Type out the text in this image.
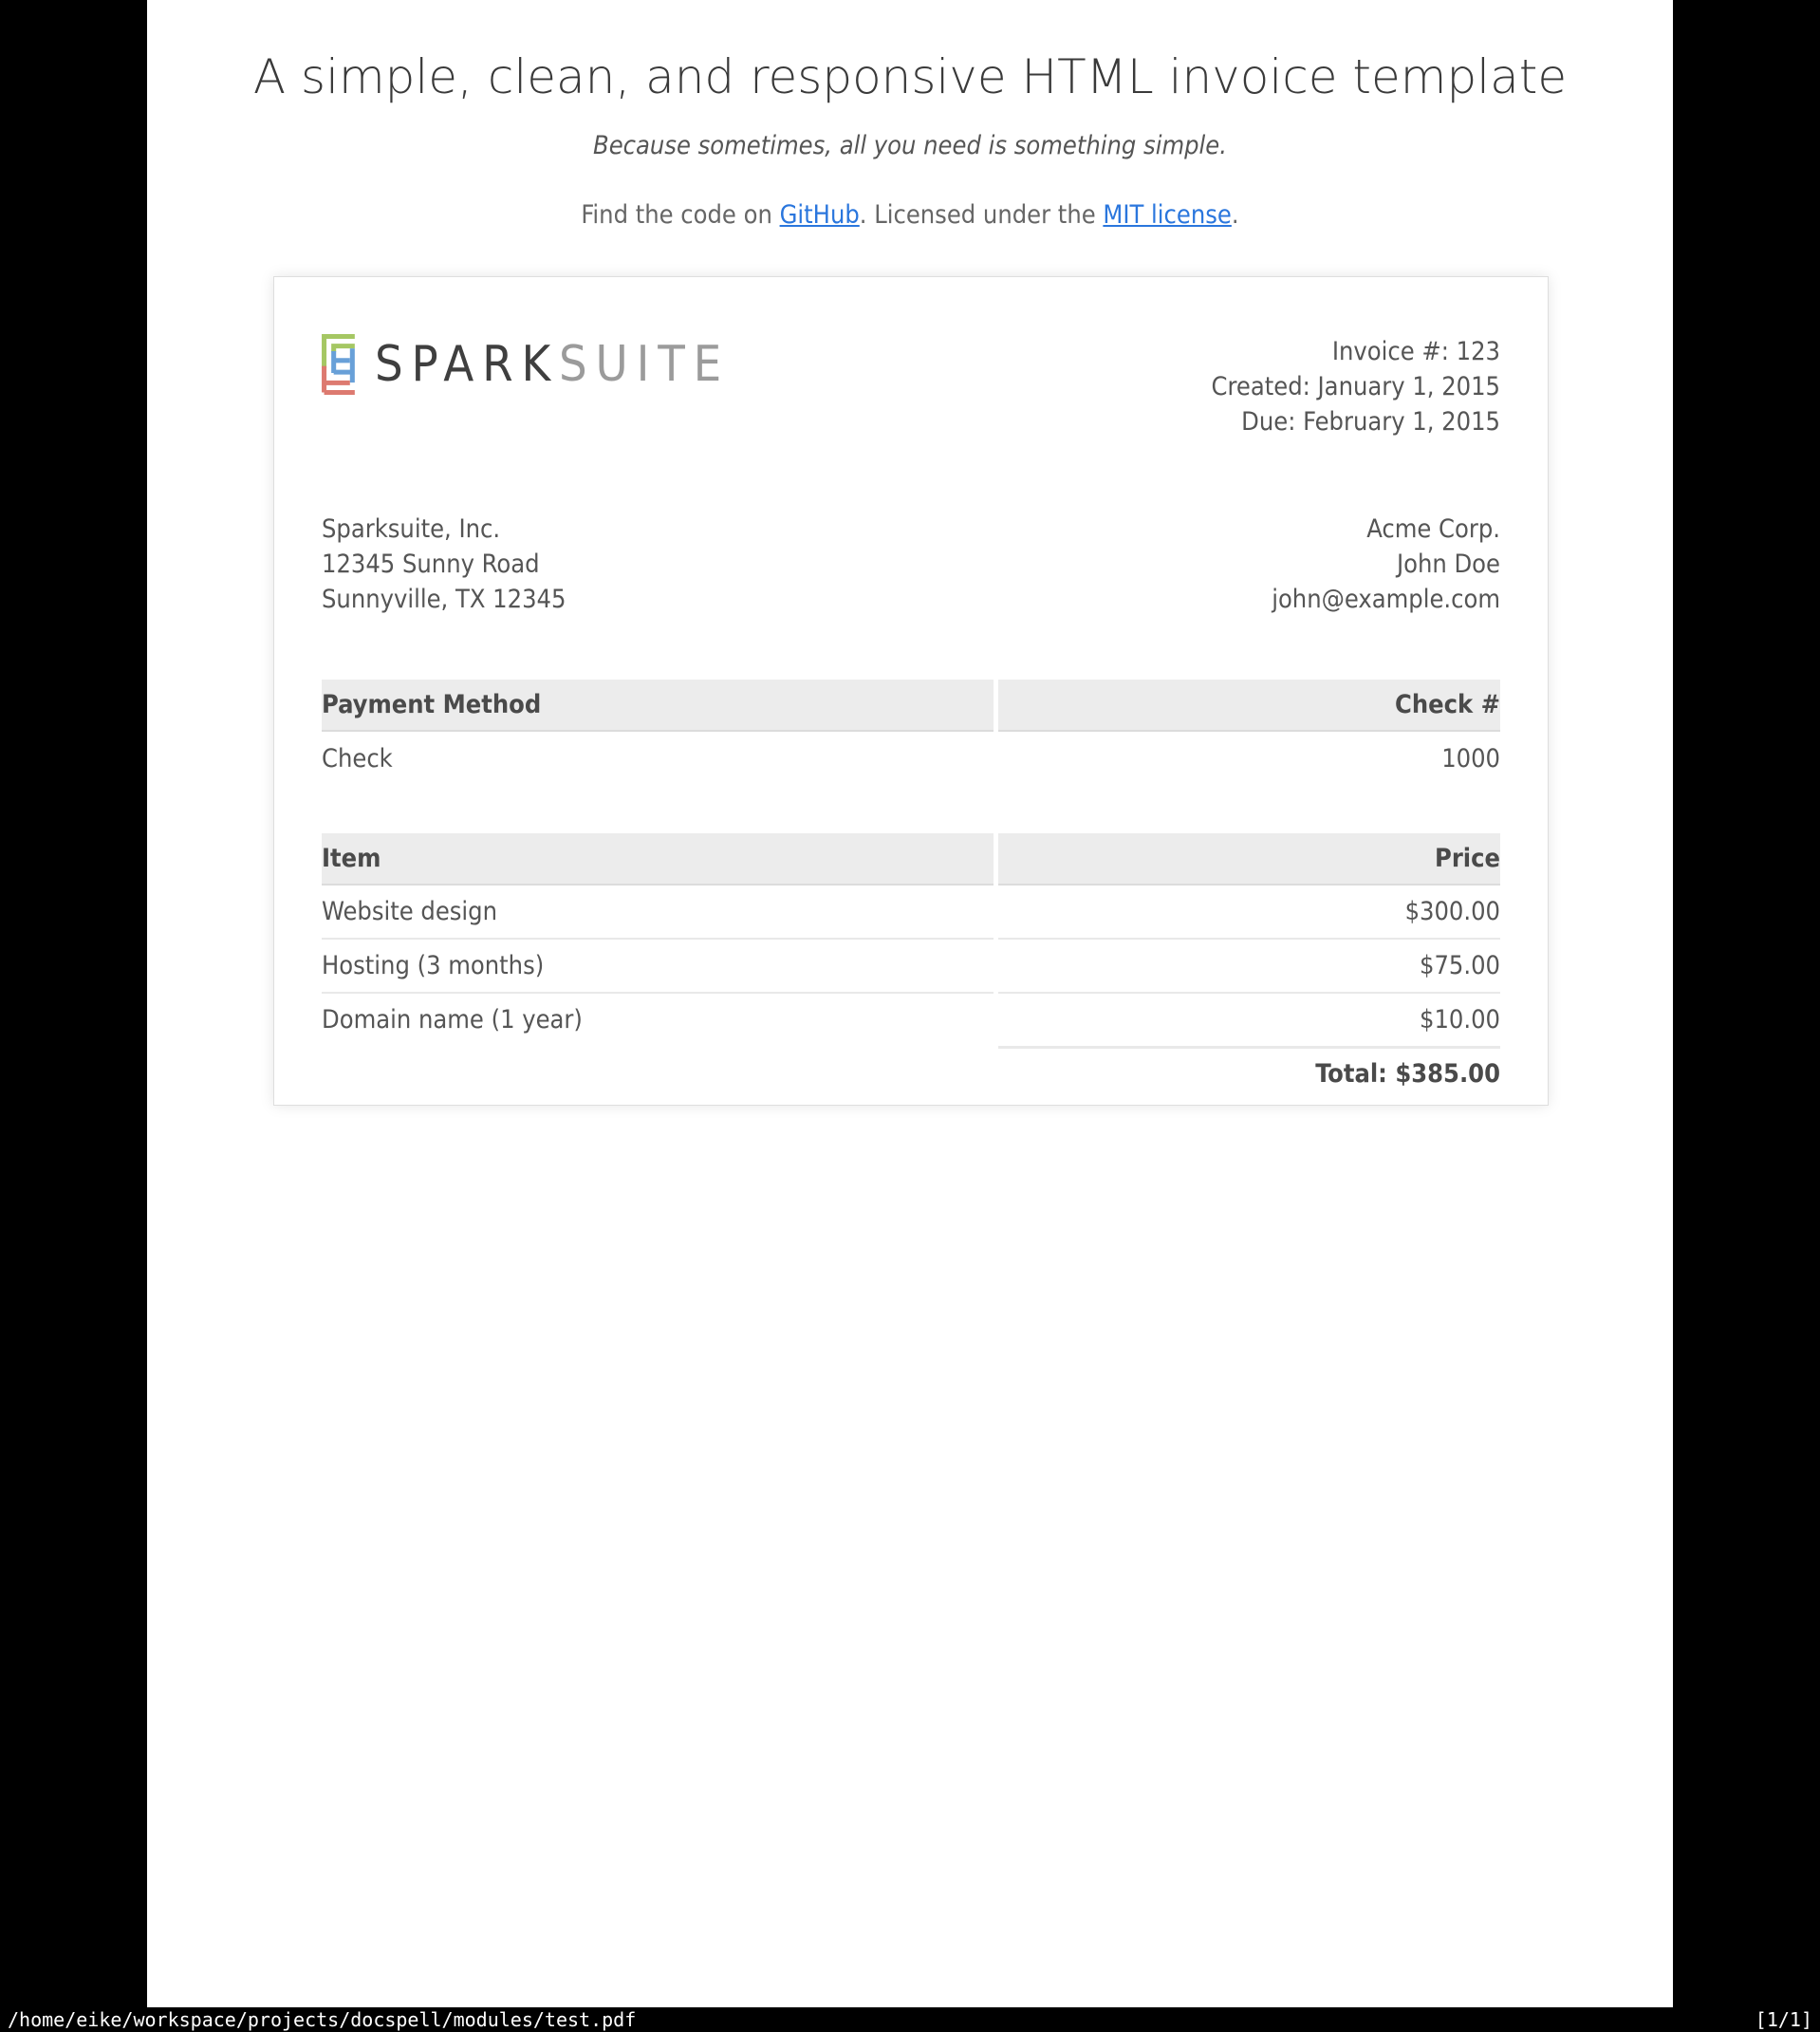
A simple, clean, and responsive HTML invoice template

Because sometimes, all you need is something simple.

Find the code on GitHub. Licensed under the MIT license.

SPARKSUITE	Invoice #: 123
Created: January 1, 2015
Due: February 1, 2015
Sparksuite, Inc.
12345 Sunny Road
Sunnyville, TX 12345
Acme Corp.
John Doe
john@example.com
Payment Method	Check #
Check	1000
Item	Price
Website design	$300.00
Hosting (3 months)	$75.00
Domain name (1 year)	$10.00
Total: $385.00
/home/eike/workspace/projects/docspell/modules/test.pdf	[1/1]
